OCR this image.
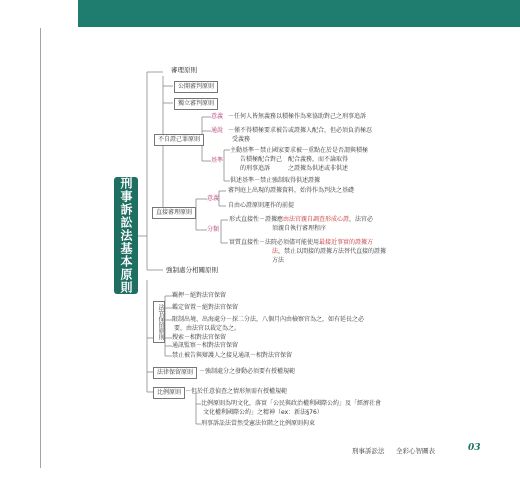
刑事訴訟法基本原則
審理原則
公開審判原則
獨立審判原則
不自證己罪原則
意義 －任何人皆無義務以積極作為來協助對己之刑事追訴
通說 －僅不得積極要求被告或證據人配合，但必須負消極忍
受義務
基準
主動基準－禁止國家要求被一重點在於是否謂與積極
告積極配合對己　配合義務，而不論取得
的刑事追訴　　　之證據為供述或非供述
供述基準－禁止強制取得供述證據
直接審理原則
意義
審判庭上出現的證據資料，始得作為判決之基礎
自由心證原則運作的前提
分類
形式直接性－證據應由法官親自調查形成心證，法官必
須親自執行審理程序
實質直接性－法院必須儘可能使用最接近事實的證據方
法，禁止以間接的證據方法替代直接的證據
方法
強制處分相關原則
法官保留原則
羈押－絕對法官保留
鑑定留置－絕對法官保留
限制出境、出海處分－採二分法，八個月內由檢察官為之，如有延長之必
要，由法官以裁定為之。
搜索－相對法官保留
通訊監察－相對法官保留
禁止被告與辯護人之接見通訊－相對法官保留
法律保留原則 －強制處分之發動必須要有授權規範
比例原則 －但於任意偵查之情形無需有授權規範
比例原則為明文化，落實「公民與政治權利國際公約」及「經濟社會
文化權利國際公約」之精神（ex：新法§76）
刑事訴訟法當然受憲法位階之比例原則拘束
刑事訴訟法 全彩心智圖表	03
